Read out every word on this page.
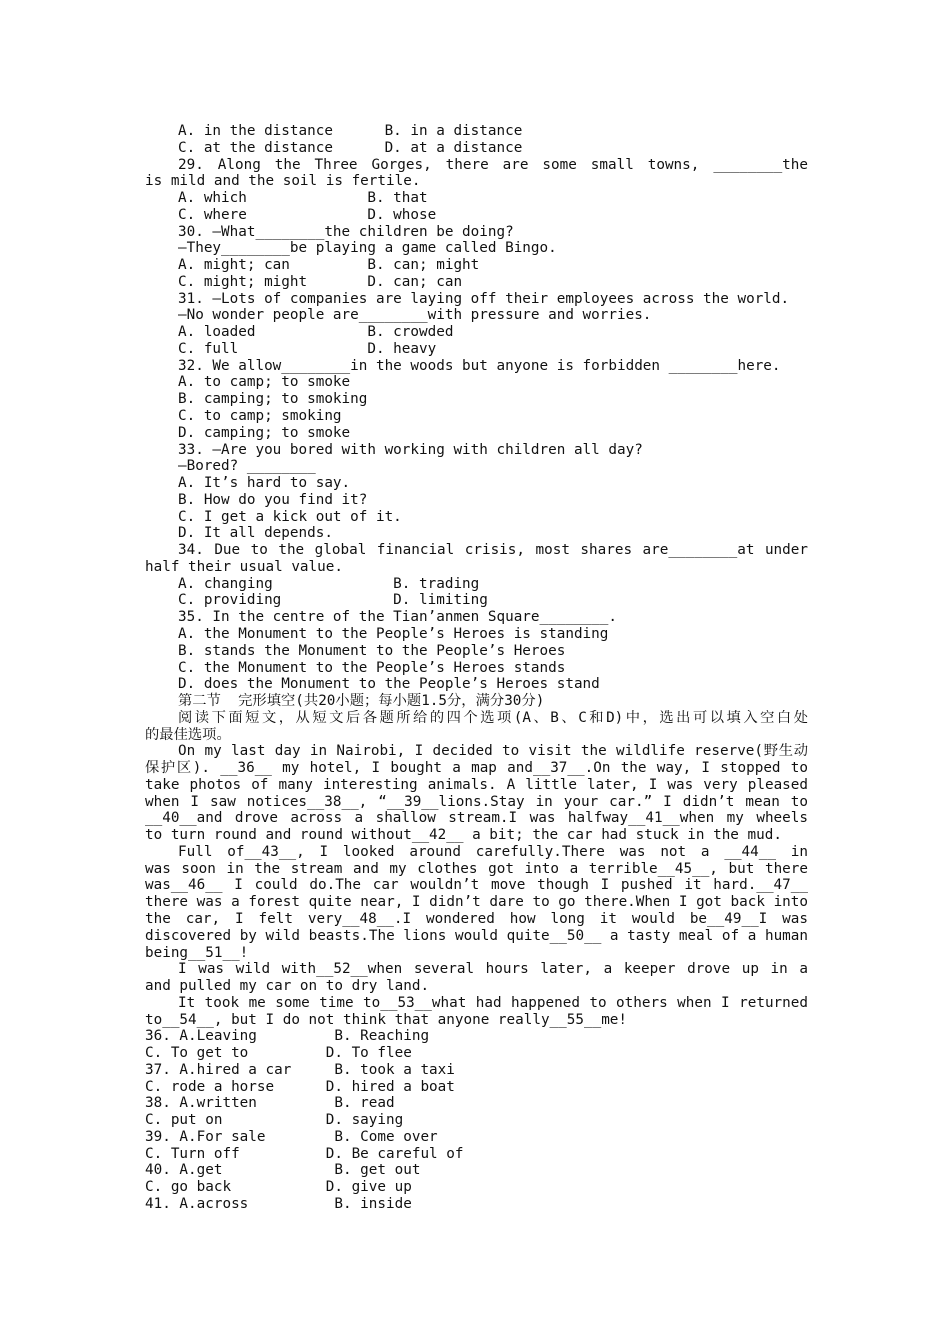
A. in the distance      B. in a distance
C. at the distance      D. at a distance
29. Along the Three Gorges, there are some small towns, ________the
is mild and the soil is fertile.
A. which              B. that
C. where              D. whose
30. —What________the children be doing?
—They________be playing a game called Bingo.
A. might; can         B. can; might
C. might; might       D. can; can
31. —Lots of companies are laying off their employees across the world.
—No wonder people are________with pressure and worries.
A. loaded             B. crowded
C. full               D. heavy
32. We allow________in the woods but anyone is forbidden ________here.
A. to camp; to smoke
B. camping; to smoking
C. to camp; smoking
D. camping; to smoke
33. —Are you bored with working with children all day?
—Bored? ________
A. It’s hard to say.
B. How do you find it?
C. I get a kick out of it.
D. It all depends.
34. Due to the global financial crisis, most shares are________at under
half their usual value.
A. changing              B. trading
C. providing             D. limiting
35. In the centre of the Tian’anmen Square________.
A. the Monument to the People’s Heroes is standing
B. stands the Monument to the People’s Heroes
C. the Monument to the People’s Heroes stands
D. does the Monument to the People’s Heroes stand
第二节  完形填空(共20小题；每小题1.5分，满分30分)
阅读下面短文，从短文后各题所给的四个选项(A、B、C和D)中，选出可以填入空白处
的最佳选项。
On my last day in Nairobi, I decided to visit the wildlife reserve(野生动
保护区). __36__ my hotel, I bought a map and__37__.On the way, I stopped to
take photos of many interesting animals. A little later, I was very pleased
when I saw notices__38__, “__39__lions.Stay in your car.” I didn’t mean to
__40__and drove across a shallow stream.I was halfway__41__when my wheels
to turn round and round without__42__ a bit; the car had stuck in the mud.
Full of__43__, I looked around carefully.There was not a __44__ in
was soon in the stream and my clothes got into a terrible__45__, but there
was__46__ I could do.The car wouldn’t move though I pushed it hard.__47__
there was a forest quite near, I didn’t dare to go there.When I got back into
the car, I felt very__48__.I wondered how long it would be__49__I was
discovered by wild beasts.The lions would quite__50__ a tasty meal of a human
being__51__!
I was wild with__52__when several hours later, a keeper drove up in a
and pulled my car on to dry land.
It took me some time to__53__what had happened to others when I returned
to__54__, but I do not think that anyone really__55__me!
36. A.Leaving         B. Reaching
C. To get to         D. To flee
37. A.hired a car     B. took a taxi
C. rode a horse      D. hired a boat
38. A.written         B. read
C. put on            D. saying
39. A.For sale        B. Come over
C. Turn off          D. Be careful of
40. A.get             B. get out
C. go back           D. give up
41. A.across          B. inside
